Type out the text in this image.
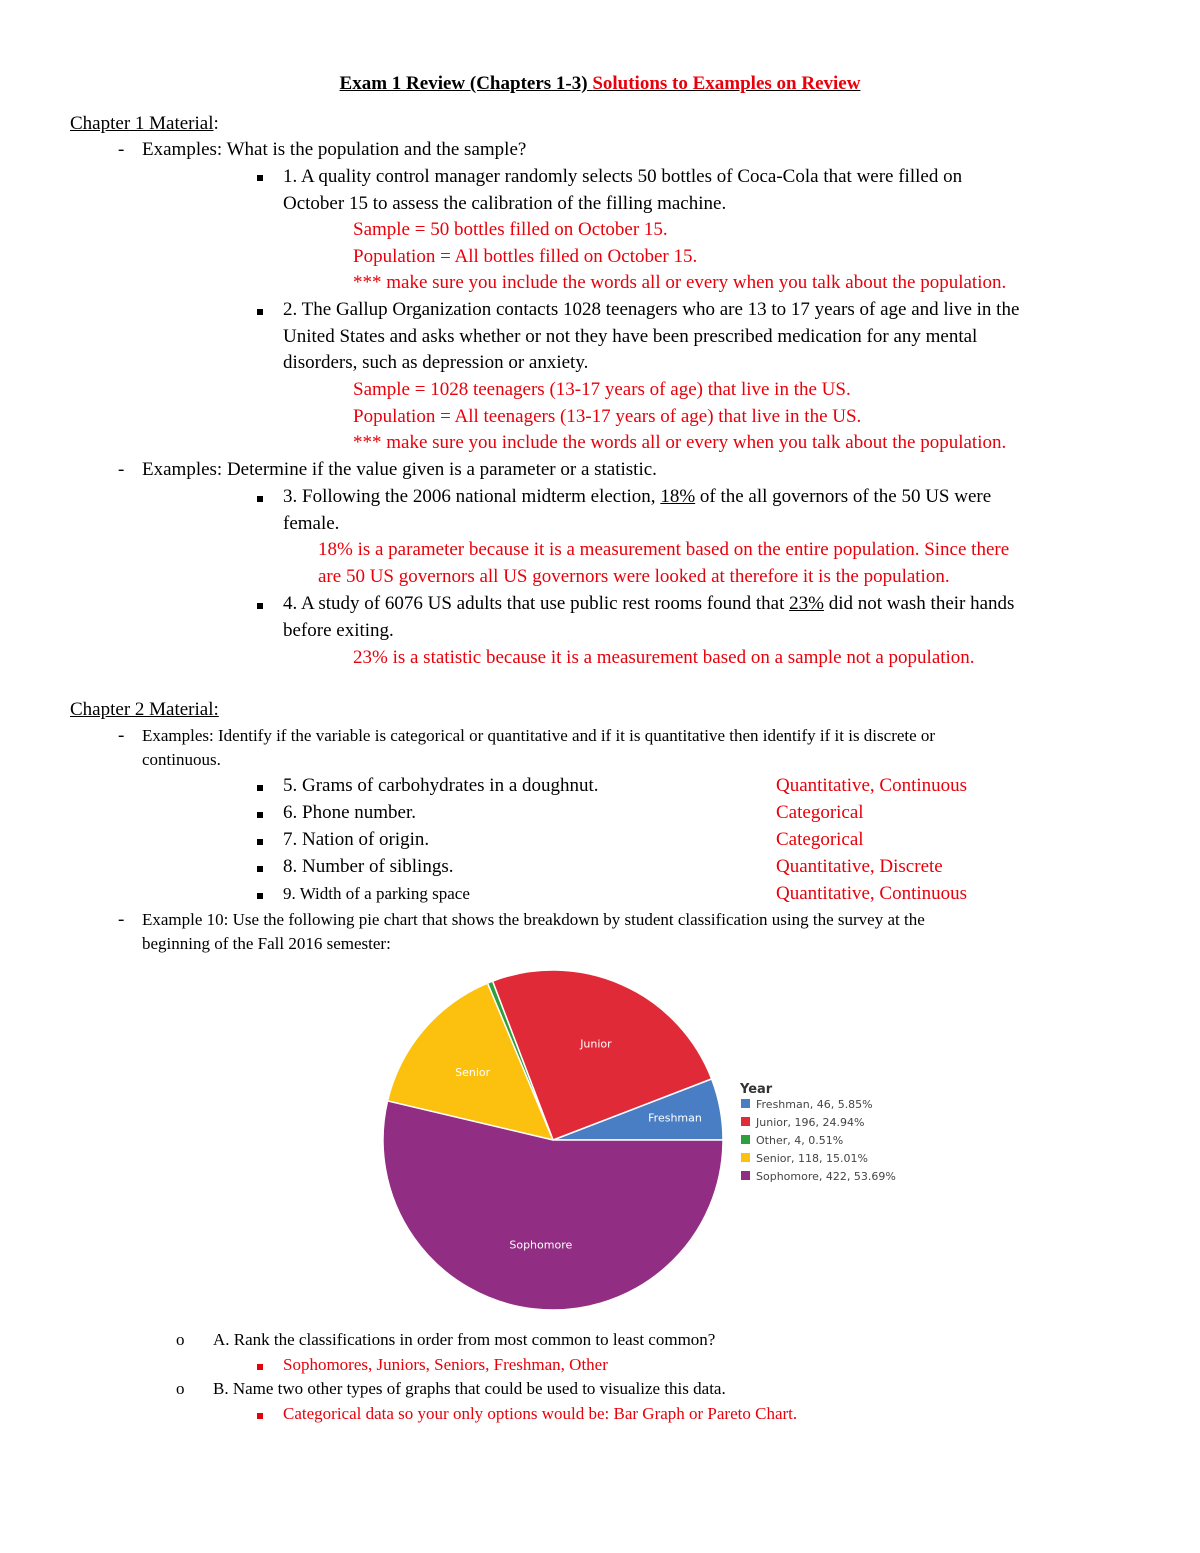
Exam 1 Review (Chapters 1-3) Solutions to Examples on Review
Chapter 1 Material:
- Examples: What is the population and the sample?
1. A quality control manager randomly selects 50 bottles of Coca-Cola that were filled on
October 15 to assess the calibration of the filling machine.
Sample = 50 bottles filled on October 15.
Population = All bottles filled on October 15.
*** make sure you include the words all or every when you talk about the population.
2. The Gallup Organization contacts 1028 teenagers who are 13 to 17 years of age and live in the
United States and asks whether or not they have been prescribed medication for any mental
disorders, such as depression or anxiety.
Sample = 1028 teenagers (13-17 years of age) that live in the US.
Population = All teenagers (13-17 years of age) that live in the US.
*** make sure you include the words all or every when you talk about the population.
- Examples: Determine if the value given is a parameter or a statistic.
3. Following the 2006 national midterm election, 18% of the all governors of the 50 US were
female.
18% is a parameter because it is a measurement based on the entire population. Since there
are 50 US governors all US governors were looked at therefore it is the population.
4. A study of 6076 US adults that use public rest rooms found that 23% did not wash their hands
before exiting.
23% is a statistic because it is a measurement based on a sample not a population.
Chapter 2 Material:
- Examples: Identify if the variable is categorical or quantitative and if it is quantitative then identify if it is discrete or
continuous.
5. Grams of carbohydrates in a doughnut.	Quantitative, Continuous
6. Phone number.	Categorical
7. Nation of origin.	Categorical
8. Number of siblings.	Quantitative, Discrete
9. Width of a parking space	Quantitative, Continuous
- Example 10: Use the following pie chart that shows the breakdown by student classification using the survey at the
beginning of the Fall 2016 semester:
Freshman
Junior
Senior
Sophomore
Year
Freshman, 46, 5.85%
Junior, 196, 24.94%
Other, 4, 0.51%
Senior, 118, 15.01%
Sophomore, 422, 53.69%
o A. Rank the classifications in order from most common to least common?
Sophomores, Juniors, Seniors, Freshman, Other
o B. Name two other types of graphs that could be used to visualize this data.
Categorical data so your only options would be: Bar Graph or Pareto Chart.
